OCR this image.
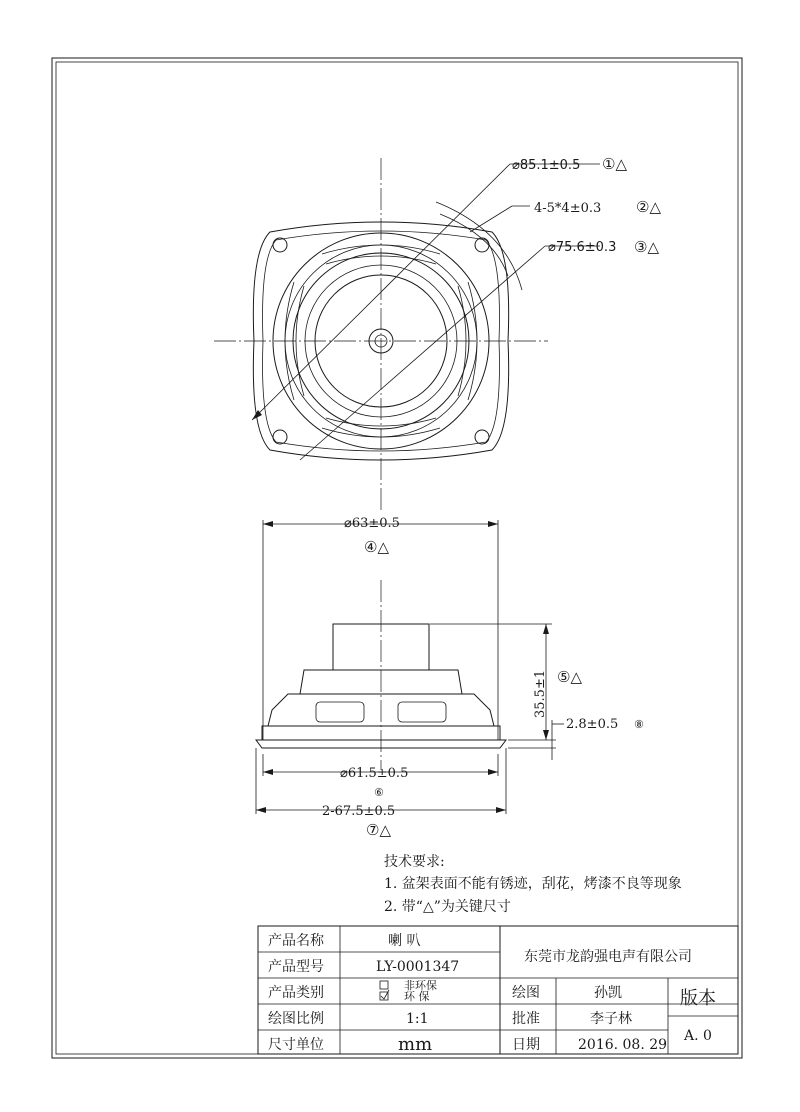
⌀85.1±0.5 ①△
4-5*4±0.3 ②△
⌀75.6±0.3 ③△
⌀63±0.5
④△
35.5±1 ⑤△
2.8±0.5 ⑧
⌀61.5±0.5
⑥
2-67.5±0.5
⑦△
技术要求:
1. 盆架表面不能有锈迹，刮花，烤漆不良等现象
2. 带“△”为关键尺寸
产品名称	喇 叭
产品型号	LY-0001347
产品类别	非环保
环 保
绘图比例	1:1
尺寸单位	mm
东莞市龙韵强电声有限公司
绘图	孙凯
批准	李子林
日期	2016. 08. 29
版本
A. 0
